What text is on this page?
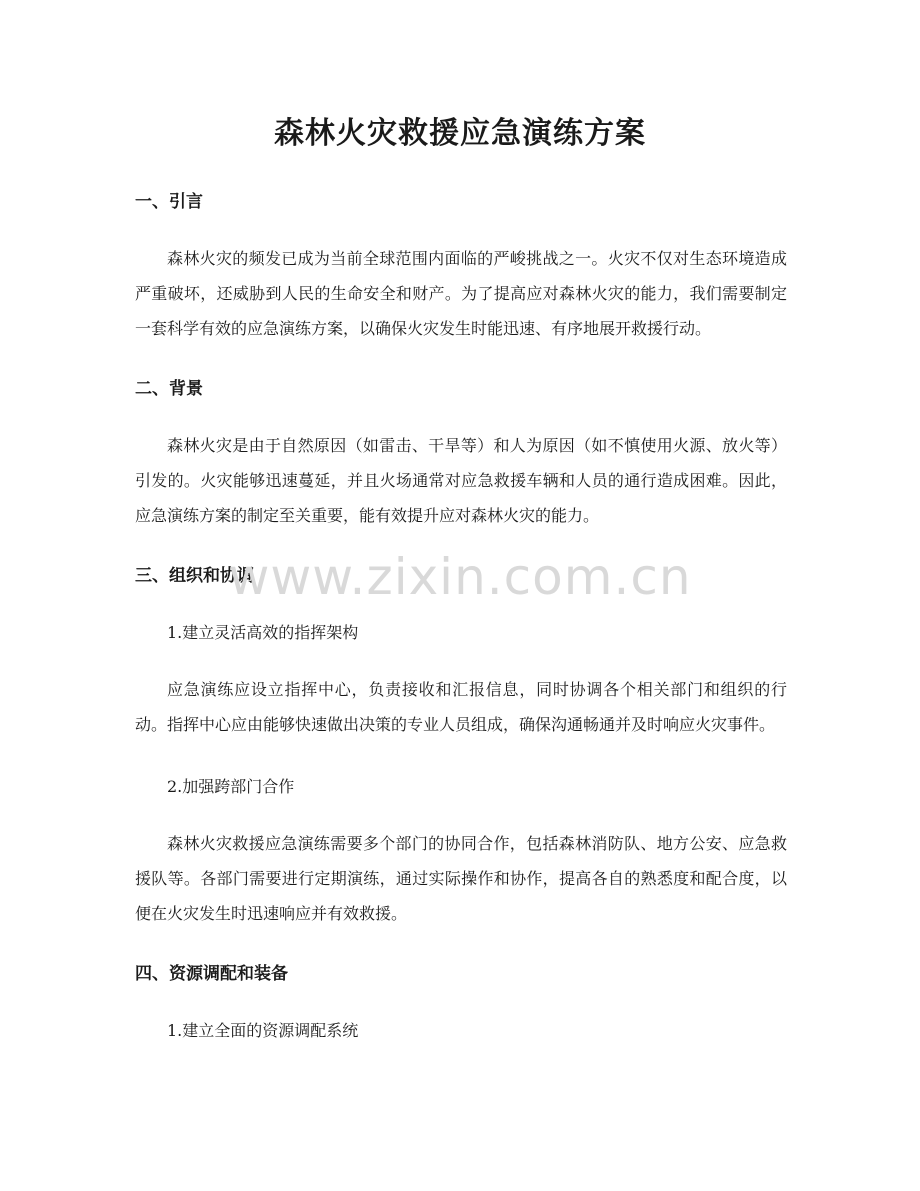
森林火灾救援应急演练方案
一、引言

森林火灾的频发已成为当前全球范围内面临的严峻挑战之一。火灾不仅对生态环境造成严重破坏，还威胁到人民的生命安全和财产。为了提高应对森林火灾的能力，我们需要制定一套科学有效的应急演练方案，以确保火灾发生时能迅速、有序地展开救援行动。

二、背景

森林火灾是由于自然原因（如雷击、干旱等）和人为原因（如不慎使用火源、放火等）引发的。火灾能够迅速蔓延，并且火场通常对应急救援车辆和人员的通行造成困难。因此，应急演练方案的制定至关重要，能有效提升应对森林火灾的能力。

三、组织和协调

1.建立灵活高效的指挥架构

应急演练应设立指挥中心，负责接收和汇报信息，同时协调各个相关部门和组织的行动。指挥中心应由能够快速做出决策的专业人员组成，确保沟通畅通并及时响应火灾事件。

2.加强跨部门合作

森林火灾救援应急演练需要多个部门的协同合作，包括森林消防队、地方公安、应急救援队等。各部门需要进行定期演练，通过实际操作和协作，提高各自的熟悉度和配合度，以便在火灾发生时迅速响应并有效救援。

四、资源调配和装备

1.建立全面的资源调配系统

www.zixin.com.cn
